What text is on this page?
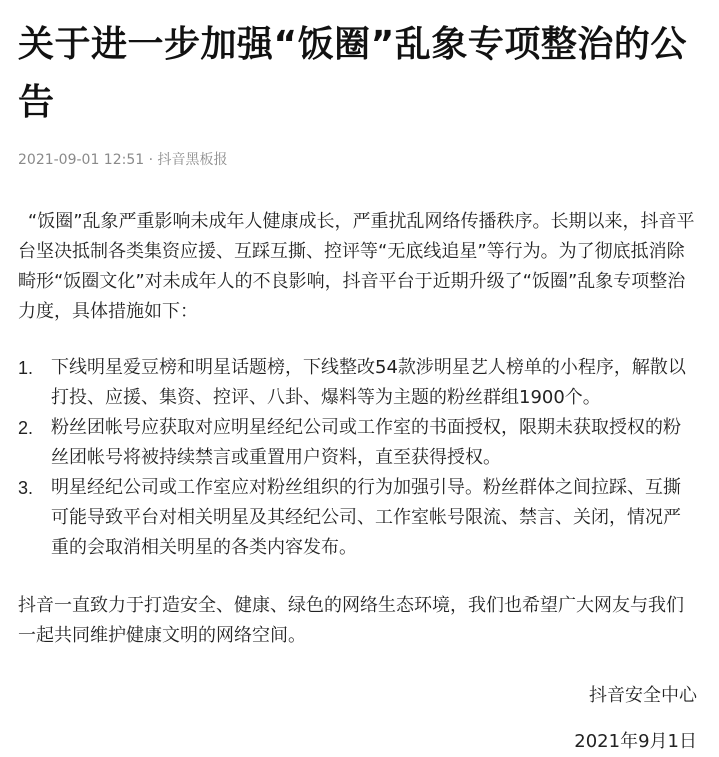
关于进一步加强“饭圈”乱象专项整治的公告
2021-09-01 12:51 · 抖音黑板报

“饭圈”乱象严重影响未成年人健康成长，严重扰乱网络传播秩序。长期以来，抖音平台坚决抵制各类集资应援、互踩互撕、控评等“无底线追星”等行为。为了彻底抵消除畸形“饭圈文化”对未成年人的不良影响，抖音平台于近期升级了“饭圈”乱象专项整治力度，具体措施如下：

1. 下线明星爱豆榜和明星话题榜，下线整改54款涉明星艺人榜单的小程序，解散以打投、应援、集资、控评、八卦、爆料等为主题的粉丝群组1900个。
2. 粉丝团帐号应获取对应明星经纪公司或工作室的书面授权，限期未获取授权的粉丝团帐号将被持续禁言或重置用户资料，直至获得授权。
3. 明星经纪公司或工作室应对粉丝组织的行为加强引导。粉丝群体之间拉踩、互撕可能导致平台对相关明星及其经纪公司、工作室帐号限流、禁言、关闭，情况严重的会取消相关明星的各类内容发布。

抖音一直致力于打造安全、健康、绿色的网络生态环境，我们也希望广大网友与我们一起共同维护健康文明的网络空间。

抖音安全中心
2021年9月1日
